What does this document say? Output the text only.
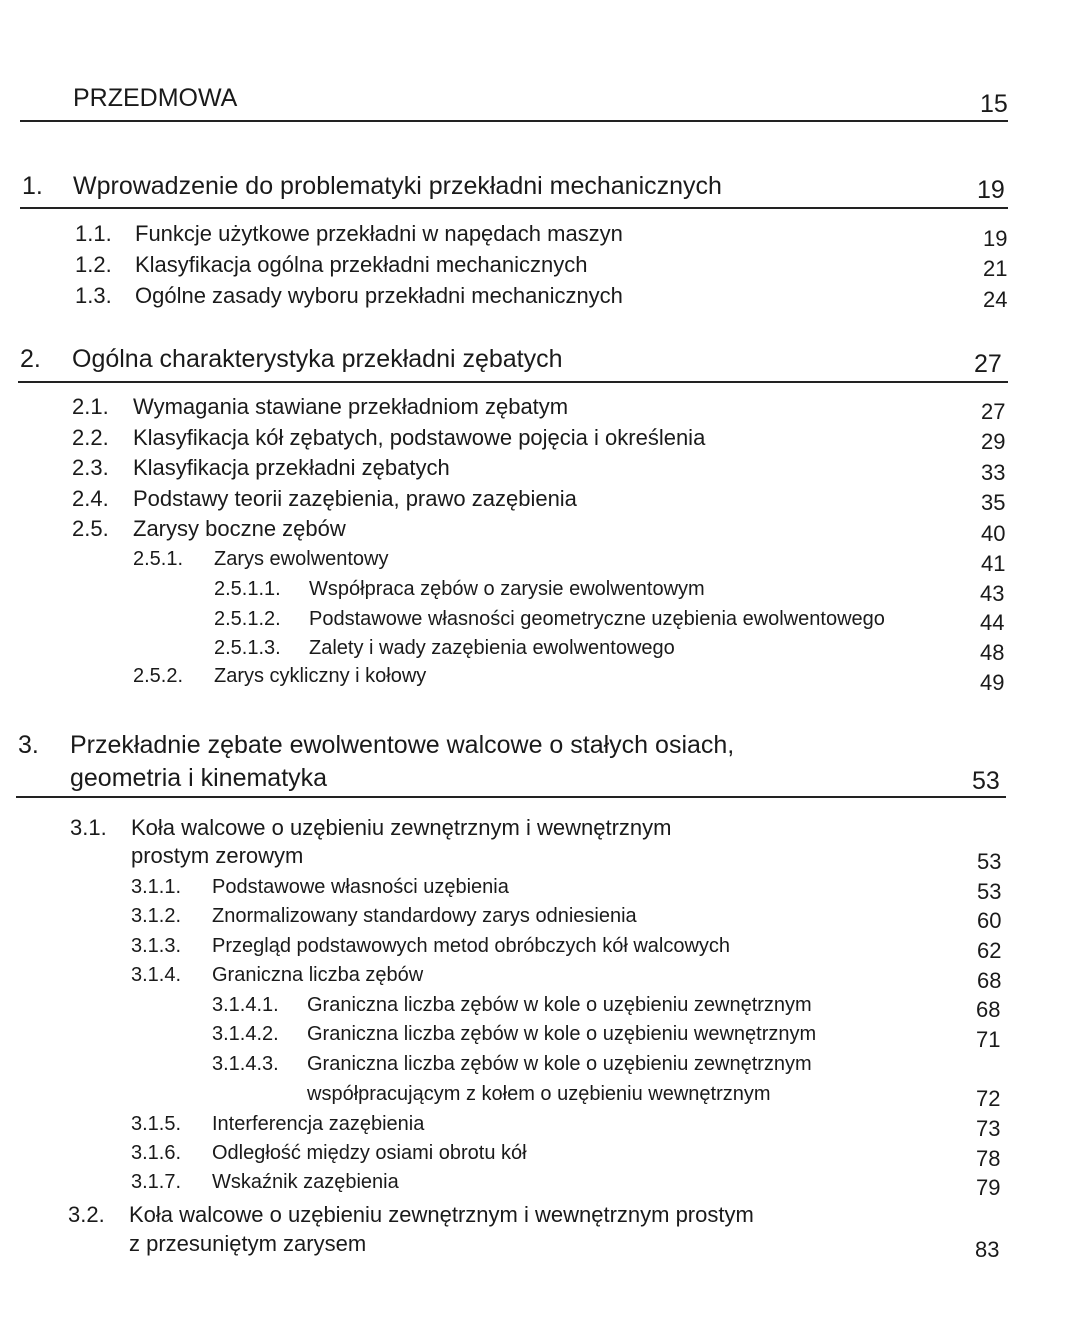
PRZEDMOWA	15
1. Wprowadzenie do problematyki przekładni mechanicznych	19
1.1. Funkcje użytkowe przekładni w napędach maszyn	19
1.2. Klasyfikacja ogólna przekładni mechanicznych	21
1.3. Ogólne zasady wyboru przekładni mechanicznych	24
2. Ogólna charakterystyka przekładni zębatych	27
2.1. Wymagania stawiane przekładniom zębatym	27
2.2. Klasyfikacja kół zębatych, podstawowe pojęcia i określenia	29
2.3. Klasyfikacja przekładni zębatych	33
2.4. Podstawy teorii zazębienia, prawo zazębienia	35
2.5. Zarysy boczne zębów	40
2.5.1. Zarys ewolwentowy	41
2.5.1.1. Współpraca zębów o zarysie ewolwentowym	43
2.5.1.2. Podstawowe własności geometryczne uzębienia ewolwentowego	44
2.5.1.3. Zalety i wady zazębienia ewolwentowego	48
2.5.2. Zarys cykliczny i kołowy	49
3. Przekładnie zębate ewolwentowe walcowe o stałych osiach,
geometria i kinematyka	53
3.1. Koła walcowe o uzębieniu zewnętrznym i wewnętrznym
prostym zerowym	53
3.1.1. Podstawowe własności uzębienia	53
3.1.2. Znormalizowany standardowy zarys odniesienia	60
3.1.3. Przegląd podstawowych metod obróbczych kół walcowych	62
3.1.4. Graniczna liczba zębów	68
3.1.4.1. Graniczna liczba zębów w kole o uzębieniu zewnętrznym	68
3.1.4.2. Graniczna liczba zębów w kole o uzębieniu wewnętrznym	71
3.1.4.3. Graniczna liczba zębów w kole o uzębieniu zewnętrznym
współpracującym z kołem o uzębieniu wewnętrznym	72
3.1.5. Interferencja zazębienia	73
3.1.6. Odległość między osiami obrotu kół	78
3.1.7. Wskaźnik zazębienia	79
3.2. Koła walcowe o uzębieniu zewnętrznym i wewnętrznym prostym
z przesuniętym zarysem	83
